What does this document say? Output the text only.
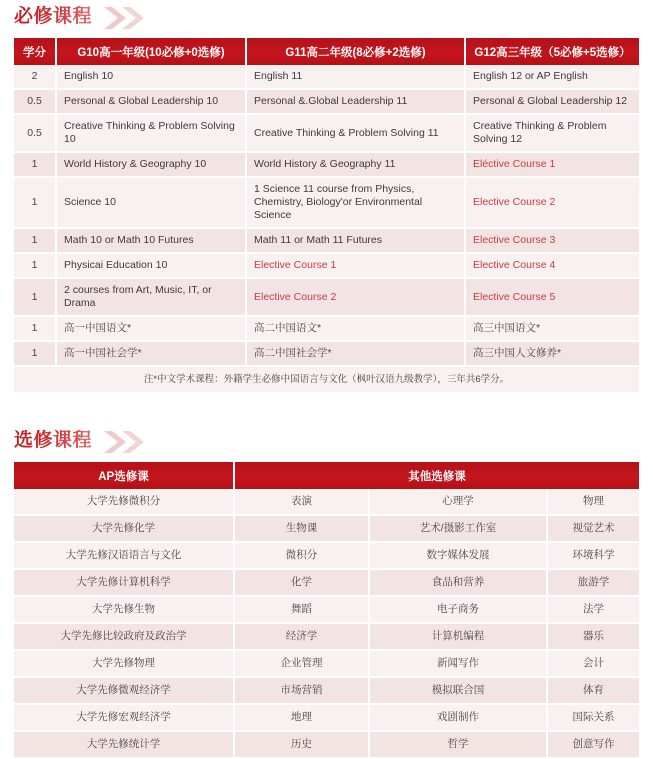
必修课程
学分	G10高一年级(10必修+0选修)	G11高二年级(8必修+2选修)	G12高三年级（5必修+5选修）
2	English 10	English 11	English 12 or AP English
0.5	Personal & Global Leadership 10	Personal &.Global Leadership 11	Personal & Global Leadership 12
0.5	Creative Thinking & Problem Solving 10	Creative Thinking & Problem Solving 11	Creative Thinking & Problem Solving 12
1	World History & Geography 10	World History & Geography 11	Eléctive Course 1
1	Science 10	1 Science 11 course from Physics, Chemistry, Biology'or Environmental Science	Elective Course 2
1	Math 10 or Math 10 Futures	Math 11 or Math 11 Futures	Elective Course 3
1	Physicai Education 10	Elective Course 1	Elective Course 4
1	2 courses from Art, Music, IT, or Drama	Elective Course 2	Elective Course 5
1	高一中国语文*	高二中国语文*	高三中国语文*
1	高一中国社会学*	高二中国社会学*	高三中国人文修养*
注*中文学术课程：外籍学生必修中国语言与文化（枫叶汉语九级教学），三年共6学分。			
选修课程
AP选修课	其他选修课		
大学先修微积分	表演	心理学	物理
大学先修化学	生物课	艺术/摄影工作室	视觉艺术
大学先修汉语语言与文化	微积分	数字媒体发展	环境科学
大学先修计算机科学	化学	食品和营养	旅游学
大学先修生物	舞蹈	电子商务	法学
大学先修比较政府及政治学	经济学	计算机编程	器乐
大学先修物理	企业管理	新闻写作	会计
大学先修微观经济学	市场营销	模拟联合国	体育
大学先修宏观经济学	地理	戏剧制作	国际关系
大学先修统计学	历史	哲学	创意写作
